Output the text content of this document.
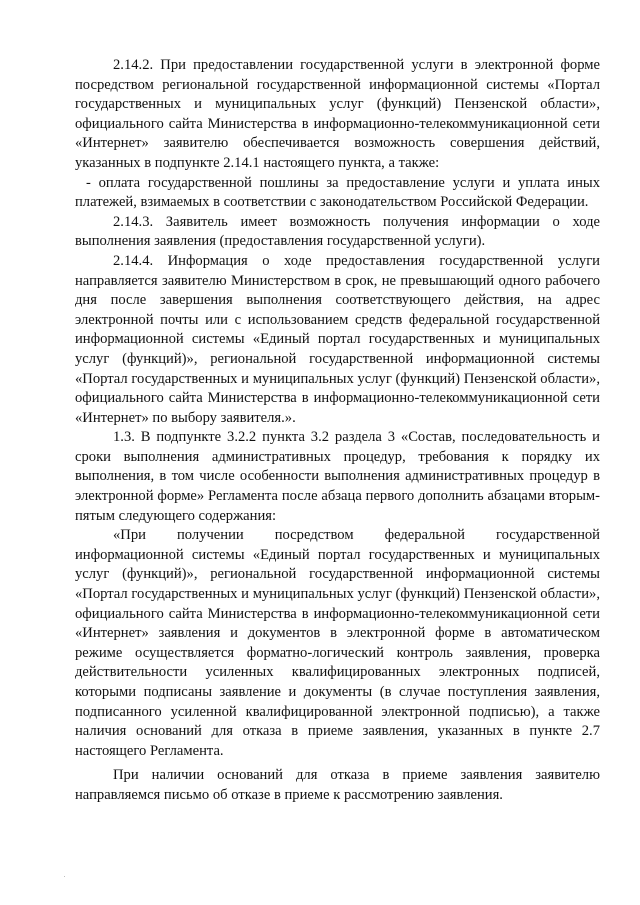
2.14.2. При предоставлении государственной услуги в электронной форме посредством региональной государственной информационной системы «Портал государственных и муниципальных услуг (функций) Пензенской области», официального сайта Министерства в информационно-телекоммуникационной сети «Интернет» заявителю обеспечивается возможность совершения действий, указанных в подпункте 2.14.1 настоящего пункта, а также:

- оплата государственной пошлины за предоставление услуги и уплата иных платежей, взимаемых в соответствии с законодательством Российской Федерации.

2.14.3. Заявитель имеет возможность получения информации о ходе выполнения заявления (предоставления государственной услуги).

2.14.4. Информация о ходе предоставления государственной услуги направляется заявителю Министерством в срок, не превышающий одного рабочего дня после завершения выполнения соответствующего действия, на адрес электронной почты или с использованием средств федеральной государственной информационной системы «Единый портал государственных и муниципальных услуг (функций)», региональной государственной информационной системы «Портал государственных и муниципальных услуг (функций) Пензенской области», официального сайта Министерства в информационно-телекоммуникационной сети «Интернет» по выбору заявителя.».

1.3. В подпункте 3.2.2 пункта 3.2 раздела 3 «Состав, последовательность и сроки выполнения административных процедур, требования к порядку их выполнения, в том числе особенности выполнения административных процедур в электронной форме» Регламента после абзаца первого дополнить абзацами вторым-пятым следующего содержания:

«При получении посредством федеральной государственной информационной системы «Единый портал государственных и муниципальных услуг (функций)», региональной государственной информационной системы «Портал государственных и муниципальных услуг (функций) Пензенской области», официального сайта Министерства в информационно-телекоммуникационной сети «Интернет» заявления и документов в электронной форме в автоматическом режиме осуществляется форматно-логический контроль заявления, проверка действительности усиленных квалифицированных электронных подписей, которыми подписаны заявление и документы (в случае поступления заявления, подписанного усиленной квалифицированной электронной подписью), а также наличия оснований для отказа в приеме заявления, указанных в пункте 2.7 настоящего Регламента.

При наличии оснований для отказа в приеме заявления заявителю направляемся письмо об отказе в приеме к рассмотрению заявления.
